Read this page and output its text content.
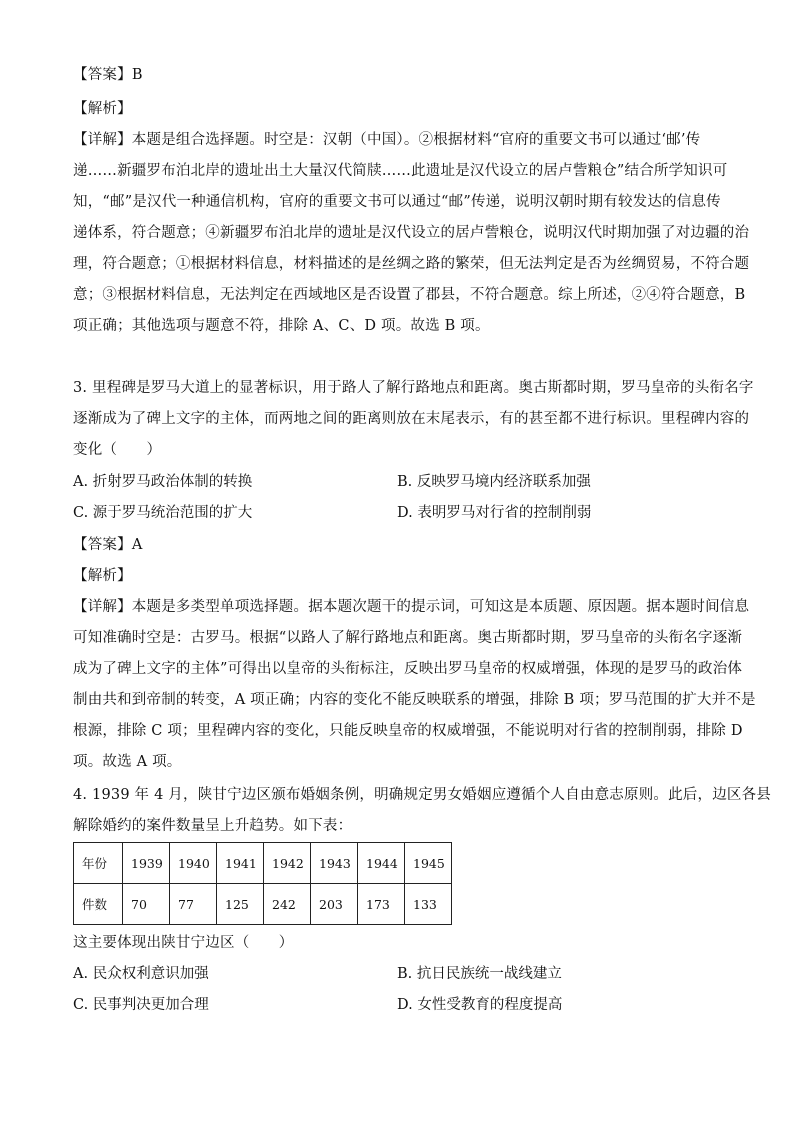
【答案】B
【解析】
【详解】本题是组合选择题。时空是：汉朝（中国）。②根据材料“官府的重要文书可以通过‘邮’传
递……新疆罗布泊北岸的遗址出土大量汉代简牍……此遗址是汉代设立的居卢訾粮仓”结合所学知识可
知，“邮”是汉代一种通信机构，官府的重要文书可以通过“邮”传递，说明汉朝时期有较发达的信息传
递体系，符合题意；④新疆罗布泊北岸的遗址是汉代设立的居卢訾粮仓，说明汉代时期加强了对边疆的治
理，符合题意；①根据材料信息，材料描述的是丝绸之路的繁荣，但无法判定是否为丝绸贸易，不符合题
意；③根据材料信息，无法判定在西域地区是否设置了郡县，不符合题意。综上所述，②④符合题意，B
项正确；其他选项与题意不符，排除 A、C、D 项。故选 B 项。
3. 里程碑是罗马大道上的显著标识，用于路人了解行路地点和距离。奥古斯都时期，罗马皇帝的头衔名字
逐渐成为了碑上文字的主体，而两地之间的距离则放在末尾表示，有的甚至都不进行标识。里程碑内容的
变化（　　）
A. 折射罗马政治体制的转换	B. 反映罗马境内经济联系加强
C. 源于罗马统治范围的扩大	D. 表明罗马对行省的控制削弱
【答案】A
【解析】
【详解】本题是多类型单项选择题。据本题次题干的提示词，可知这是本质题、原因题。据本题时间信息
可知准确时空是：古罗马。根据“以路人了解行路地点和距离。奥古斯都时期，罗马皇帝的头衔名字逐渐
成为了碑上文字的主体”可得出以皇帝的头衔标注，反映出罗马皇帝的权威增强，体现的是罗马的政治体
制由共和到帝制的转变，A 项正确；内容的变化不能反映联系的增强，排除 B 项；罗马范围的扩大并不是
根源，排除 C 项；里程碑内容的变化，只能反映皇帝的权威增强，不能说明对行省的控制削弱，排除 D
项。故选 A 项。
4. 1939 年 4 月，陕甘宁边区颁布婚姻条例，明确规定男女婚姻应遵循个人自由意志原则。此后，边区各县
解除婚约的案件数量呈上升趋势。如下表：
年份	1939	1940	1941	1942	1943	1944	1945
件数	70	77	125	242	203	173	133
这主要体现出陕甘宁边区（　　）
A. 民众权利意识加强	B. 抗日民族统一战线建立
C. 民事判决更加合理	D. 女性受教育的程度提高
